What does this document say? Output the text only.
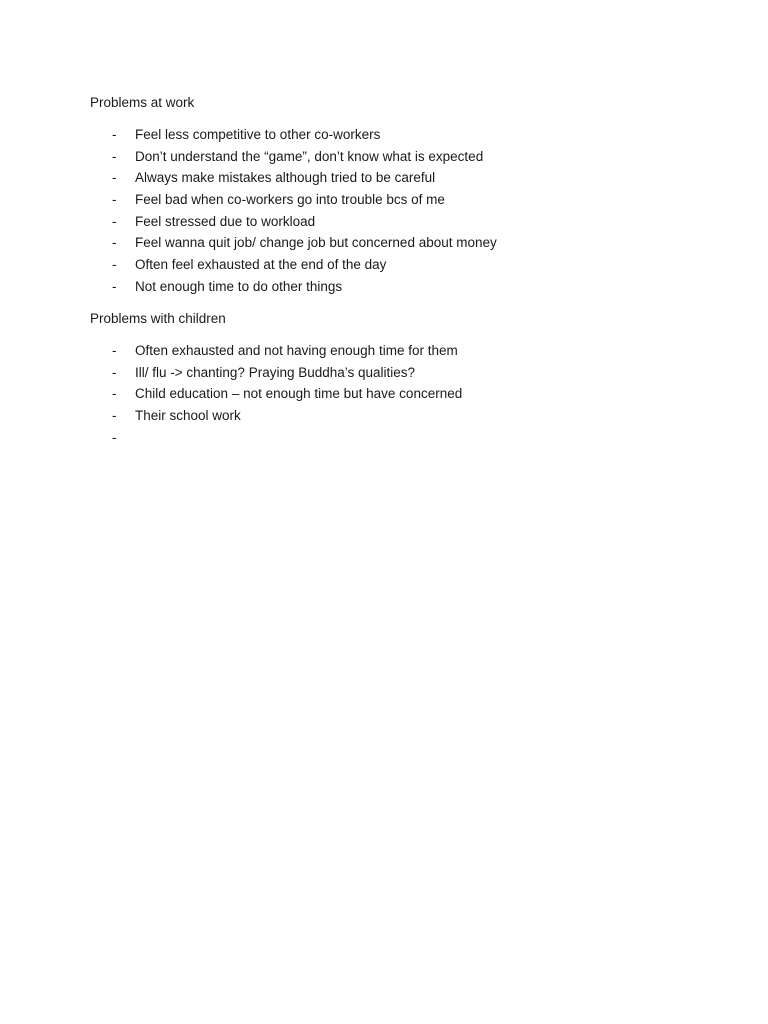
Problems at work
- Feel less competitive to other co-workers
- Don’t understand the “game”, don’t know what is expected
- Always make mistakes although tried to be careful
- Feel bad when co-workers go into trouble bcs of me
- Feel stressed due to workload
- Feel wanna quit job/ change job but concerned about money
- Often feel exhausted at the end of the day
- Not enough time to do other things
Problems with children
- Often exhausted and not having enough time for them
- Ill/ flu -> chanting? Praying Buddha’s qualities?
- Child education – not enough time but have concerned
- Their school work
-
